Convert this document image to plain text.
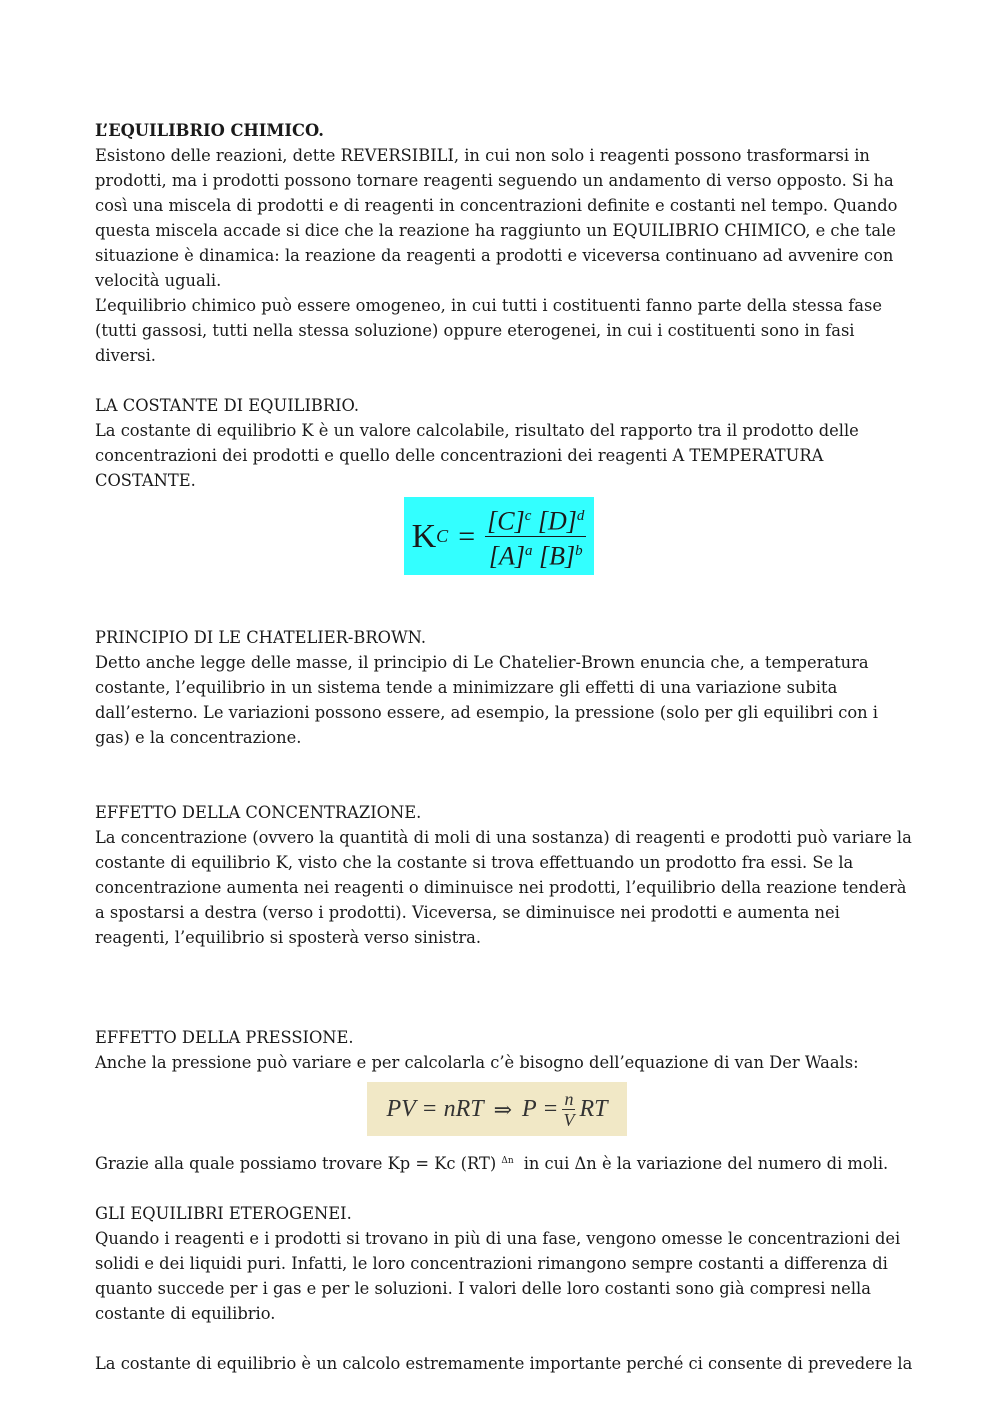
L’EQUILIBRIO CHIMICO.

Esistono delle reazioni, dette REVERSIBILI, in cui non solo i reagenti possono trasformarsi in prodotti, ma i prodotti possono tornare reagenti seguendo un andamento di verso opposto. Si ha così una miscela di prodotti e di reagenti in concentrazioni definite e costanti nel tempo. Quando questa miscela accade si dice che la reazione ha raggiunto un EQUILIBRIO CHIMICO, e che tale situazione è dinamica: la reazione da reagenti a prodotti e viceversa continuano ad avvenire con velocità uguali.

L’equilibrio chimico può essere omogeneo, in cui tutti i costituenti fanno parte della stessa fase (tutti gassosi, tutti nella stessa soluzione) oppure eterogenei, in cui i costituenti sono in fasi diversi.

LA COSTANTE DI EQUILIBRIO.

La costante di equilibrio K è un valore calcolabile, risultato del rapporto tra il prodotto delle concentrazioni dei prodotti e quello delle concentrazioni dei reagenti A TEMPERATURA COSTANTE.

K $C = \frac{[C]^c [D]^d}{[A]^a [B]^b}$
PRINCIPIO DI LE CHATELIER-BROWN.

Detto anche legge delle masse, il principio di Le Chatelier-Brown enuncia che, a temperatura costante, l’equilibrio in un sistema tende a minimizzare gli effetti di una variazione subita dall’esterno. Le variazioni possono essere, ad esempio, la pressione (solo per gli equilibri con i gas) e la concentrazione.

EFFETTO DELLA CONCENTRAZIONE.

La concentrazione (ovvero la quantità di moli di una sostanza) di reagenti e prodotti può variare la costante di equilibrio K, visto che la costante si trova effettuando un prodotto fra essi. Se la concentrazione aumenta nei reagenti o diminuisce nei prodotti, l’equilibrio della reazione tenderà a spostarsi a destra (verso i prodotti). Viceversa, se diminuisce nei prodotti e aumenta nei reagenti, l’equilibrio si sposterà verso sinistra.

EFFETTO DELLA PRESSIONE.

Anche la pressione può variare e per calcolarla c’è bisogno dell’equazione di van Der Waals:

PV = nRT ⇒ $P = \frac{n}{V}$ RT

Grazie alla quale possiamo trovare Kp = Kc (RT) $^{\Delta n}$ in cui Δn è la variazione del numero di moli.

GLI EQUILIBRI ETEROGENEI.

Quando i reagenti e i prodotti si trovano in più di una fase, vengono omesse le concentrazioni dei solidi e dei liquidi puri. Infatti, le loro concentrazioni rimangono sempre costanti a differenza di quanto succede per i gas e per le soluzioni. I valori delle loro costanti sono già compresi nella costante di equilibrio.

La costante di equilibrio è un calcolo estremamente importante perché ci consente di prevedere la
